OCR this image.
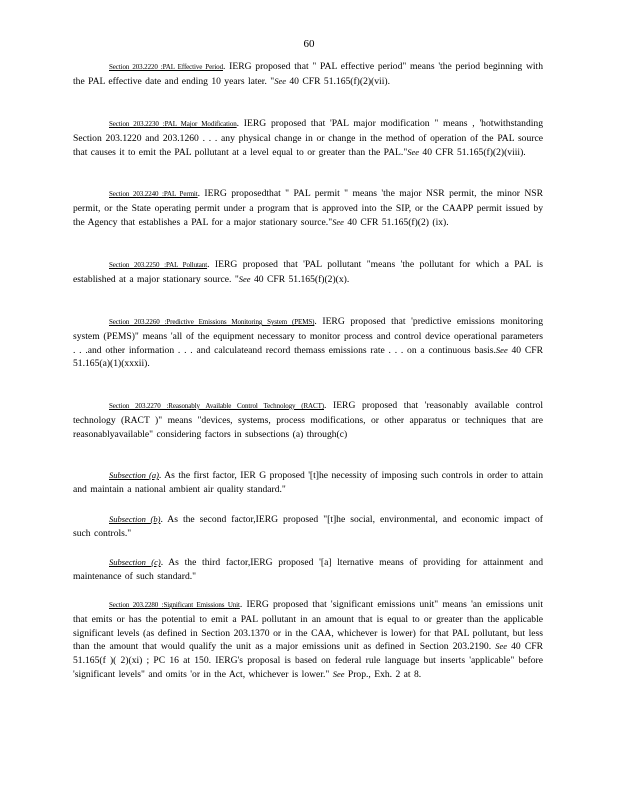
60

Section 203.2220 :PAL Effective Period. IERG proposed that " PAL effective period" means 'the period beginning with the PAL effective date and ending 10 years later. "See 40 CFR 51.165(f)(2)(vii).

Section 203.2230 :PAL Major Modification. IERG proposed that 'PAL major modification " means , 'hotwithstanding Section 203.1220 and 203.1260 . . . any physical change in or change in the method of operation of the PAL source that causes it to emit the PAL pollutant at a level equal to or greater than the PAL."See 40 CFR 51.165(f)(2)(viii).

Section 203.2240 :PAL Permit. IERG proposedthat " PAL permit " means 'the major NSR permit, the minor NSR permit, or the State operating permit under a program that is approved into the SIP, or the CAAPP permit issued by the Agency that establishes a PAL for a major stationary source."See 40 CFR 51.165(f)(2) (ix).

Section 203.2250 :PAL Pollutant. IERG proposed that 'PAL pollutant "means 'the pollutant for which a PAL is established at a major stationary source. "See 40 CFR 51.165(f)(2)(x).

Section 203.2260 :Predictive Emissions Monitoring System (PEMS). IERG proposed that 'predictive emissions monitoring system (PEMS)" means 'all of the equipment necessary to monitor process and control device operational parameters . . .and other information . . . and calculateand record themass emissions rate . . . on a continuous basis.See 40 CFR 51.165(a)(1)(xxxii).

Section 203.2270 :Reasonably Available Control Technology (RACT). IERG proposed that 'reasonably available control technology (RACT )" means "devices, systems, process modifications, or other apparatus or techniques that are reasonablyavailable" considering factors in subsections (a) through(c)

Subsection (a). As the first factor, IER G proposed '[t]he necessity of imposing such controls in order to attain and maintain a national ambient air quality standard."

Subsection (b). As the second factor,IERG proposed "[t]he social, environmental, and economic impact of such controls."

Subsection (c). As the third factor,IERG proposed '[a] lternative means of providing for attainment and maintenance of such standard."

Section 203.2280 :Significant Emissions Unit. IERG proposed that 'significant emissions unit" means 'an emissions unit that emits or has the potential to emit a PAL pollutant in an amount that is equal to or greater than the applicable significant levels (as defined in Section 203.1370 or in the CAA, whichever is lower) for that PAL pollutant, but less than the amount that would qualify the unit as a major emissions unit as defined in Section 203.2190. See 40 CFR 51.165(f )( 2)(xi) ; PC 16 at 150. IERG's proposal is based on federal rule language but inserts 'applicable" before 'significant levels" and omits 'or in the Act, whichever is lower." See Prop., Exh. 2 at 8.
